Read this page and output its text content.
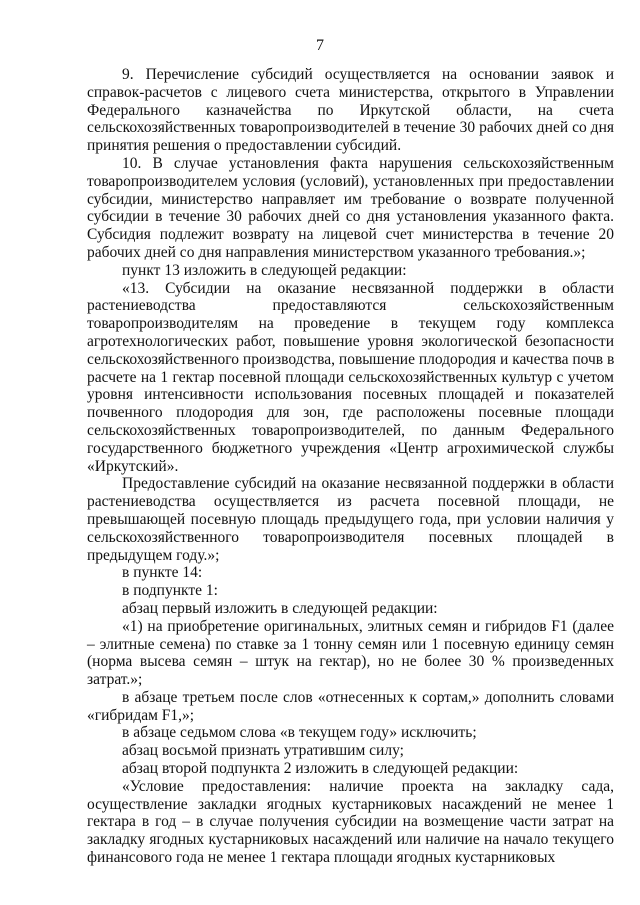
7
9. Перечисление субсидий осуществляется на основании заявок и
справок-расчетов с лицевого счета министерства, открытого в Управлении
Федерального казначейства по Иркутской области, на счета
сельскохозяйственных товаропроизводителей в течение 30 рабочих дней со дня
принятия решения о предоставлении субсидий.
10. В случае установления факта нарушения сельскохозяйственным
товаропроизводителем условия (условий), установленных при предоставлении
субсидии, министерство направляет им требование о возврате полученной
субсидии в течение 30 рабочих дней со дня установления указанного факта.
Субсидия подлежит возврату на лицевой счет министерства в течение 20
рабочих дней со дня направления министерством указанного требования.»;
пункт 13 изложить в следующей редакции:
«13. Субсидии на оказание несвязанной поддержки в области
растениеводства предоставляются сельскохозяйственным
товаропроизводителям на проведение в текущем году комплекса
агротехнологических работ, повышение уровня экологической безопасности
сельскохозяйственного производства, повышение плодородия и качества почв в
расчете на 1 гектар посевной площади сельскохозяйственных культур с учетом
уровня интенсивности использования посевных площадей и показателей
почвенного плодородия для зон, где расположены посевные площади
сельскохозяйственных товаропроизводителей, по данным Федерального
государственного бюджетного учреждения «Центр агрохимической службы
«Иркутский».
Предоставление субсидий на оказание несвязанной поддержки в области
растениеводства осуществляется из расчета посевной площади, не
превышающей посевную площадь предыдущего года, при условии наличия у
сельскохозяйственного товаропроизводителя посевных площадей в
предыдущем году.»;
в пункте 14:
в подпункте 1:
абзац первый изложить в следующей редакции:
«1) на приобретение оригинальных, элитных семян и гибридов F1 (далее
– элитные семена) по ставке за 1 тонну семян или 1 посевную единицу семян
(норма высева семян – штук на гектар), но не более 30 % произведенных
затрат.»;
в абзаце третьем после слов «отнесенных к сортам,» дополнить словами
«гибридам F1,»;
в абзаце седьмом слова «в текущем году» исключить;
абзац восьмой признать утратившим силу;
абзац второй подпункта 2 изложить в следующей редакции:
«Условие предоставления: наличие проекта на закладку сада,
осуществление закладки ягодных кустарниковых насаждений не менее 1
гектара в год – в случае получения субсидии на возмещение части затрат на
закладку ягодных кустарниковых насаждений или наличие на начало текущего
финансового года не менее 1 гектара площади ягодных кустарниковых
